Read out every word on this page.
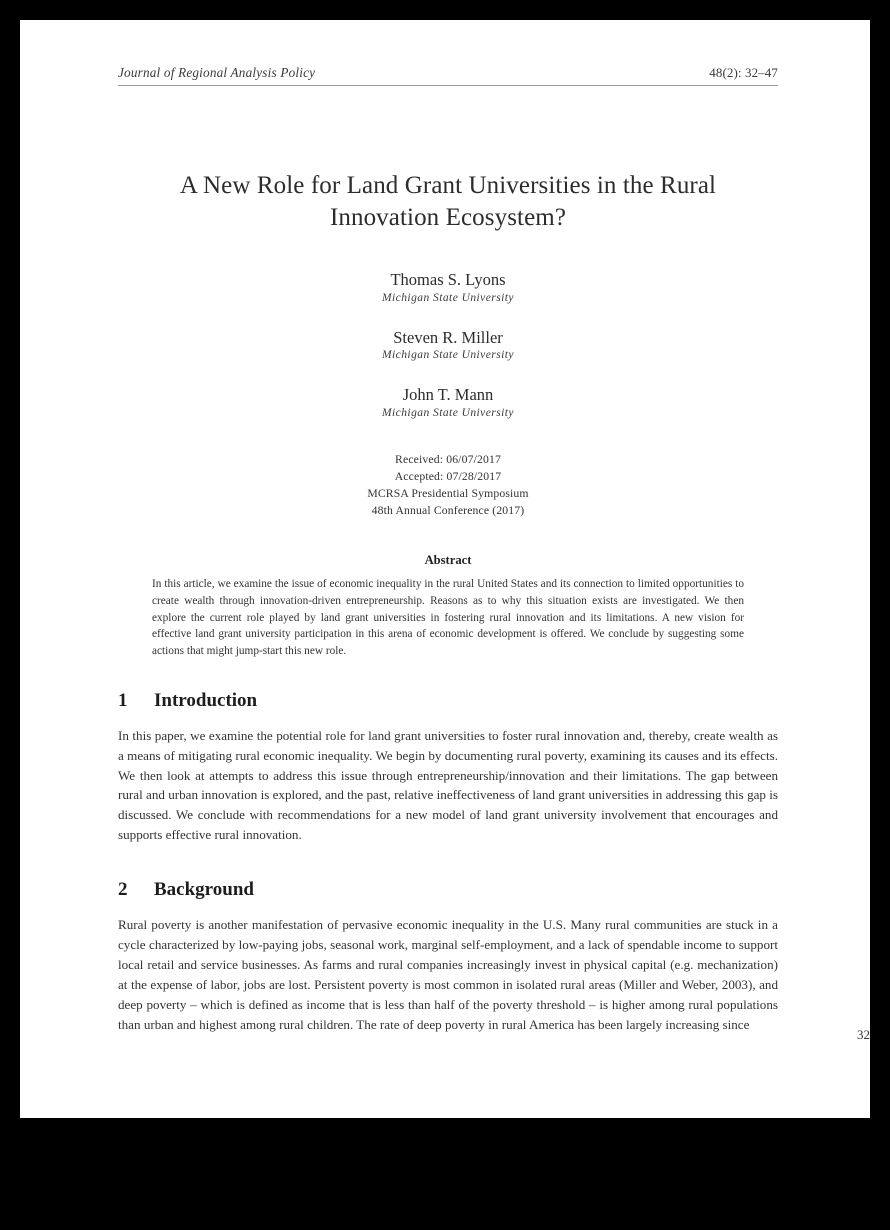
Journal of Regional Analysis Policy	48(2): 32–47
A New Role for Land Grant Universities in the Rural Innovation Ecosystem?
Thomas S. Lyons
Michigan State University
Steven R. Miller
Michigan State University
John T. Mann
Michigan State University
Received: 06/07/2017
Accepted: 07/28/2017
MCRSA Presidential Symposium
48th Annual Conference (2017)
Abstract
In this article, we examine the issue of economic inequality in the rural United States and its connection to limited opportunities to create wealth through innovation-driven entrepreneurship. Reasons as to why this situation exists are investigated. We then explore the current role played by land grant universities in fostering rural innovation and its limitations. A new vision for effective land grant university participation in this arena of economic development is offered. We conclude by suggesting some actions that might jump-start this new role.
1	Introduction

In this paper, we examine the potential role for land grant universities to foster rural innovation and, thereby, create wealth as a means of mitigating rural economic inequality. We begin by documenting rural poverty, examining its causes and its effects. We then look at attempts to address this issue through entrepreneurship/innovation and their limitations. The gap between rural and urban innovation is explored, and the past, relative ineffectiveness of land grant universities in addressing this gap is discussed. We conclude with recommendations for a new model of land grant university involvement that encourages and supports effective rural innovation.

2	Background

Rural poverty is another manifestation of pervasive economic inequality in the U.S. Many rural communities are stuck in a cycle characterized by low-paying jobs, seasonal work, marginal self-employment, and a lack of spendable income to support local retail and service businesses. As farms and rural companies increasingly invest in physical capital (e.g. mechanization) at the expense of labor, jobs are lost. Persistent poverty is most common in isolated rural areas (Miller and Weber, 2003), and deep poverty – which is defined as income that is less than half of the poverty threshold – is higher among rural populations than urban and highest among rural children. The rate of deep poverty in rural America has been largely increasing since

32
